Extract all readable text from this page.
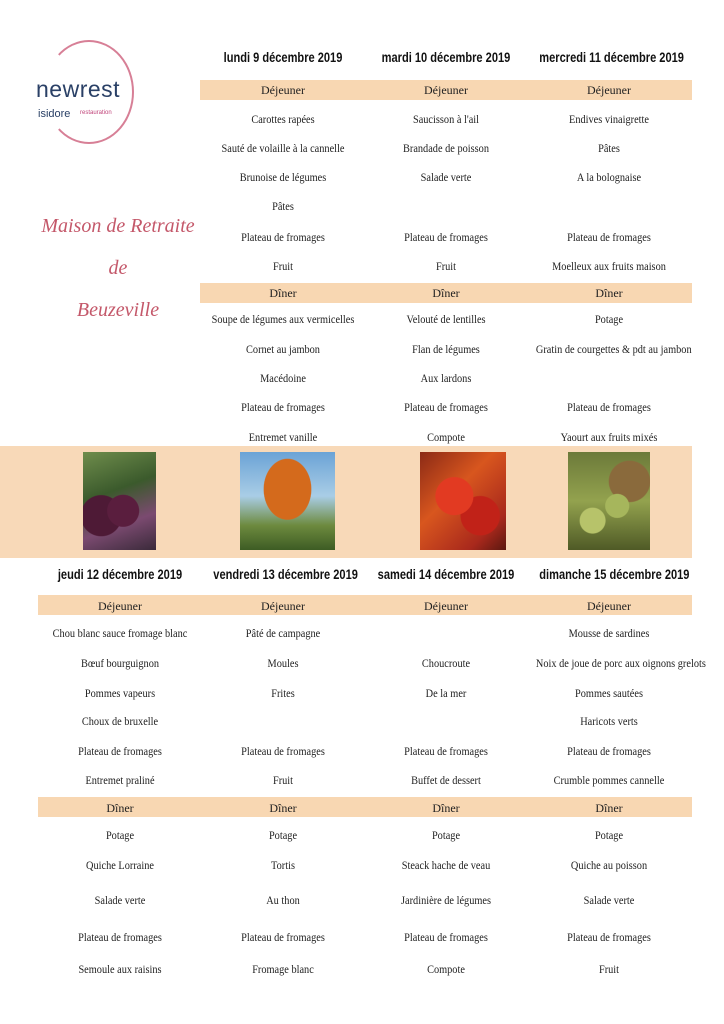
newrest
isidore restauration
Maison de Retraite de
Beuzeville
lundi 9 décembre 2019
Déjeuner
Carottes rapées
Sauté de volaille à la cannelle
Brunoise de légumes
Pâtes
Plateau de fromages
Fruit
Dîner
Soupe de légumes aux vermicelles
Cornet au jambon
Macédoine
Plateau de fromages
Entremet vanille
mardi 10 décembre 2019
Déjeuner
Saucisson à l'ail
Brandade de poisson
Salade verte
Plateau de fromages
Fruit
Dîner
Velouté de lentilles
Flan de légumes
Aux lardons
Plateau de fromages
Compote
mercredi 11 décembre 2019
Déjeuner
Endives vinaigrette
Pâtes
A la bolognaise
Plateau de fromages
Moelleux aux fruits maison
Dîner
Potage
Gratin de courgettes & pdt au jambon
Plateau de fromages
Yaourt aux fruits mixés
jeudi 12 décembre 2019
Déjeuner
Chou blanc sauce fromage blanc
Bœuf bourguignon
Pommes vapeurs
Choux de bruxelle
Plateau de fromages
Entremet praliné
Dîner
Potage
Quiche Lorraine
Salade verte
Plateau de fromages
Semoule aux raisins
vendredi 13 décembre 2019
Déjeuner
Pâté de campagne
Moules
Frites
Plateau de fromages
Fruit
Dîner
Potage
Tortis
Au thon
Plateau de fromages
Fromage blanc
samedi 14 décembre 2019
Déjeuner
Choucroute
De la mer
Plateau de fromages
Buffet de dessert
Dîner
Potage
Steack hache de veau
Jardinière de légumes
Plateau de fromages
Compote
dimanche 15 décembre 2019
Déjeuner
Mousse de sardines
Noix de joue de porc aux oignons grelots
Pommes sautées
Haricots verts
Plateau de fromages
Crumble pommes cannelle
Dîner
Potage
Quiche au poisson
Salade verte
Plateau de fromages
Fruit
